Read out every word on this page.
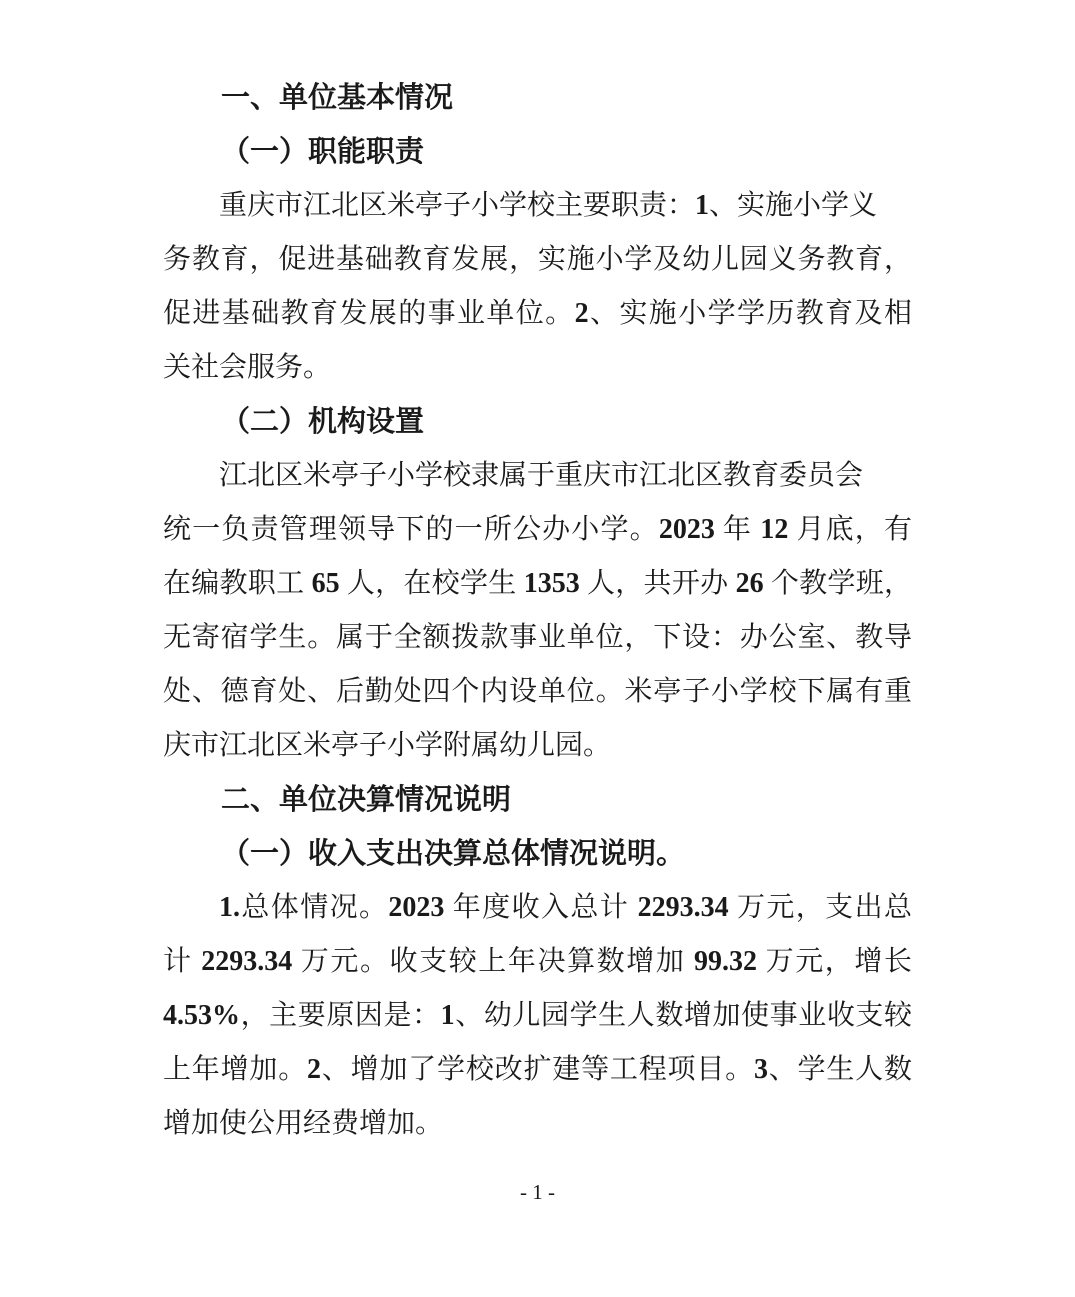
一、单位基本情况
（一）职能职责
重庆市江北区米亭子小学校主要职责：1、实施小学义
务教育，促进基础教育发展，实施小学及幼儿园义务教育，
促进基础教育发展的事业单位。2、实施小学学历教育及相
关社会服务。
（二）机构设置
江北区米亭子小学校隶属于重庆市江北区教育委员会
统一负责管理领导下的一所公办小学。2023 年 12 月底，有
在编教职工 65 人，在校学生 1353 人，共开办 26 个教学班，
无寄宿学生。属于全额拨款事业单位，下设：办公室、教导
处、德育处、后勤处四个内设单位。米亭子小学校下属有重
庆市江北区米亭子小学附属幼儿园。
二、单位决算情况说明
（一）收入支出决算总体情况说明。
1.总体情况。2023 年度收入总计 2293.34 万元，支出总
计 2293.34 万元。收支较上年决算数增加 99.32 万元，增长
4.53%，主要原因是：1、幼儿园学生人数增加使事业收支较
上年增加。2、增加了学校改扩建等工程项目。3、学生人数
增加使公用经费增加。
- 1 -
